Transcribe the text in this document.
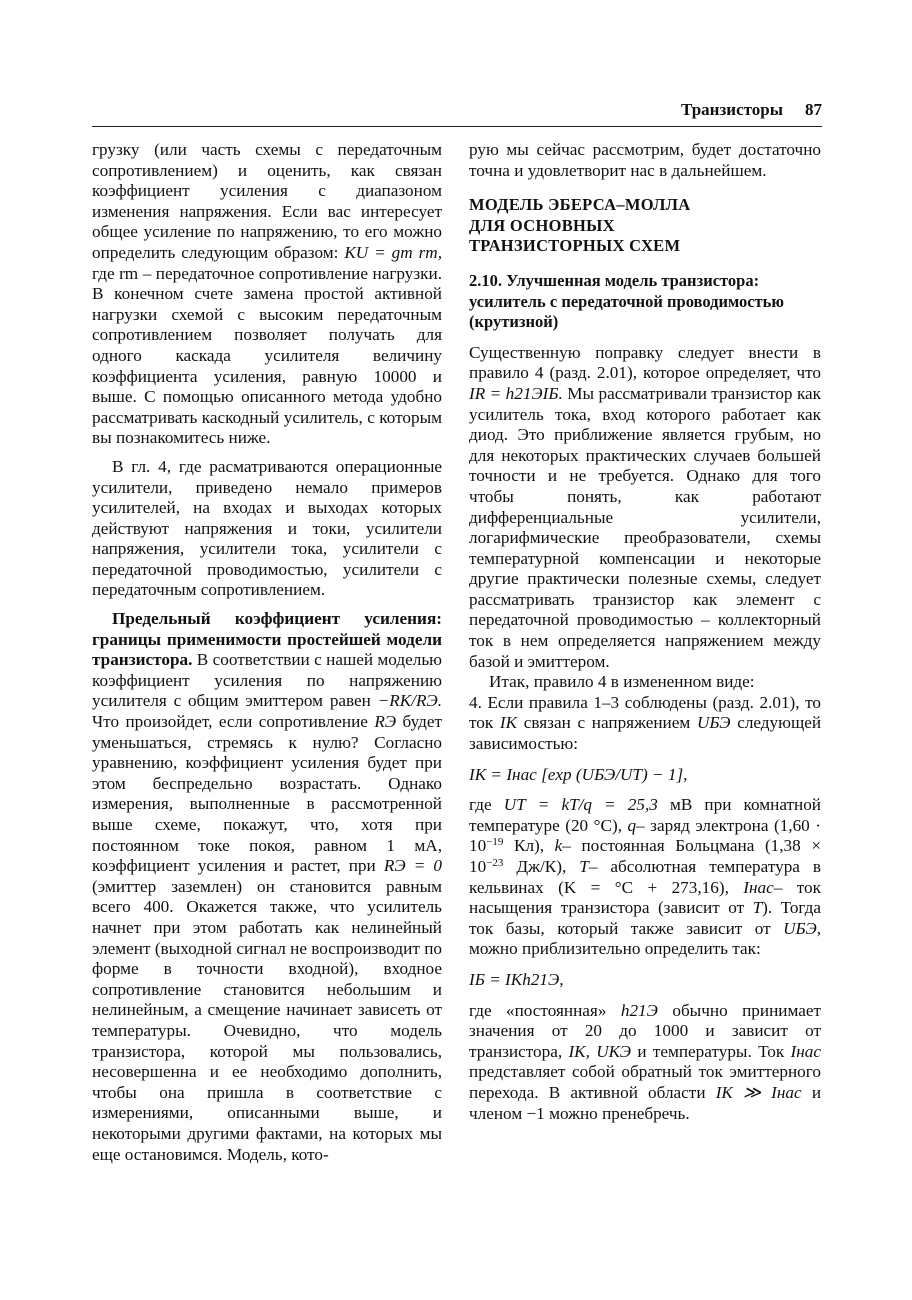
Транзисторы 87

грузку (или часть схемы с передаточным сопротивлением) и оценить, как связан коэффициент усиления с диапазоном изменения напряжения. Если вас интересует общее усиление по напряжению, то его можно определить следующим образом: KU = gm rm, где rm – передаточное сопротивление нагрузки. В конечном счете замена простой активной нагрузки схемой с высоким передаточным сопротивлением позволяет получать для одного каскада усилителя величину коэффициента усиления, равную 10000 и выше. С помощью описанного метода удобно рассматривать каскодный усилитель, с которым вы познакомитесь ниже.

В гл. 4, где расматриваются операционные усилители, приведено немало примеров усилителей, на входах и выходах которых действуют напряжения и токи, усилители напряжения, усилители тока, усилители с передаточной проводимостью, усилители с передаточным сопротивлением.

Предельный коэффициент усиления: границы применимости простейшей модели транзистора. В соответствии с нашей моделью коэффициент усиления по напряжению усилителя с общим эмиттером равен −RК/RЭ. Что произойдет, если сопротивление RЭ будет уменьшаться, стремясь к нулю? Согласно уравнению, коэффициент усиления будет при этом беспредельно возрастать. Однако измерения, выполненные в рассмотренной выше схеме, покажут, что, хотя при постоянном токе покоя, равном 1 мА, коэффициент усиления и растет, при RЭ = 0 (эмиттер заземлен) он становится равным всего 400. Окажется также, что усилитель начнет при этом работать как нелинейный элемент (выходной сигнал не воспроизводит по форме в точности входной), входное сопротивление становится небольшим и нелинейным, а смещение начинает зависеть от температуры. Очевидно, что модель транзистора, которой мы пользовались, несовершенна и ее необходимо дополнить, чтобы она пришла в соответствие с измерениями, описанными выше, и некоторыми другими фактами, на которых мы еще остановимся. Модель, кото-

рую мы сейчас рассмотрим, будет достаточно точна и удовлетворит нас в дальнейшем.

МОДЕЛЬ ЭБЕРСА–МОЛЛА
ДЛЯ ОСНОВНЫХ
ТРАНЗИСТОРНЫХ СХЕМ
2.10. Улучшенная модель транзистора: усилитель с передаточной проводимостью (крутизной)

Существенную поправку следует внести в правило 4 (разд. 2.01), которое определяет, что IR = h21ЭIБ. Мы рассматривали транзистор как усилитель тока, вход которого работает как диод. Это приближение является грубым, но для некоторых практических случаев большей точности и не требуется. Однако для того чтобы понять, как работают дифференциальные усилители, логарифмические преобразователи, схемы температурной компенсации и некоторые другие практически полезные схемы, следует рассматривать транзистор как элемент с передаточной проводимостью – коллекторный ток в нем определяется напряжением между базой и эмиттером.

Итак, правило 4 в измененном виде:

4. Если правила 1–3 соблюдены (разд. 2.01), то ток IК связан с напряжением UБЭ следующей зависимостью:

IК = Iнас [exp (UБЭ/UТ) − 1],

где UТ = kT/q = 25,3 мВ при комнатной температуре (20 °С), q– заряд электрона ($1,60 \cdot 10^{-19}$ Кл), k– постоянная Больцмана ($1,38 \times 10^{-23}$ Дж/К), T– абсолютная температура в кельвинах (K = °С + 273,16), Iнас– ток насыщения транзистора (зависит от T). Тогда ток базы, который также зависит от UБЭ, можно приблизительно определить так:

IБ = IКh21Э,

где «постоянная» h21Э обычно принимает значения от 20 до 1000 и зависит от транзистора, IК, UКЭ и температуры. Ток Iнас представляет собой обратный ток эмиттерного перехода. В активной области IК ≫ Iнас и членом −1 можно пренебречь.
